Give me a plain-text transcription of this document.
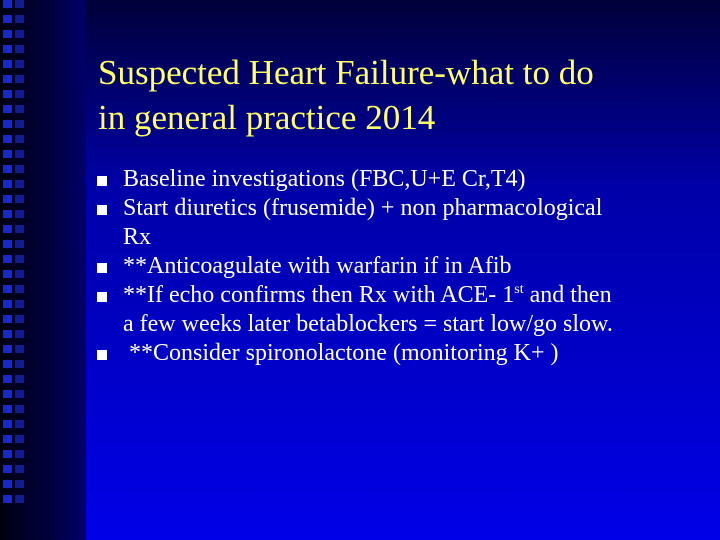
Suspected Heart Failure-what to do
in general practice 2014
Baseline investigations (FBC,U+E Cr,T4)
Start diuretics (frusemide) + non pharmacological
Rx
**Anticoagulate with warfarin if in Afib
**If echo confirms then Rx with ACE- 1st and then
a few weeks later betablockers = start low/go slow.
**Consider spironolactone (monitoring K+ )
